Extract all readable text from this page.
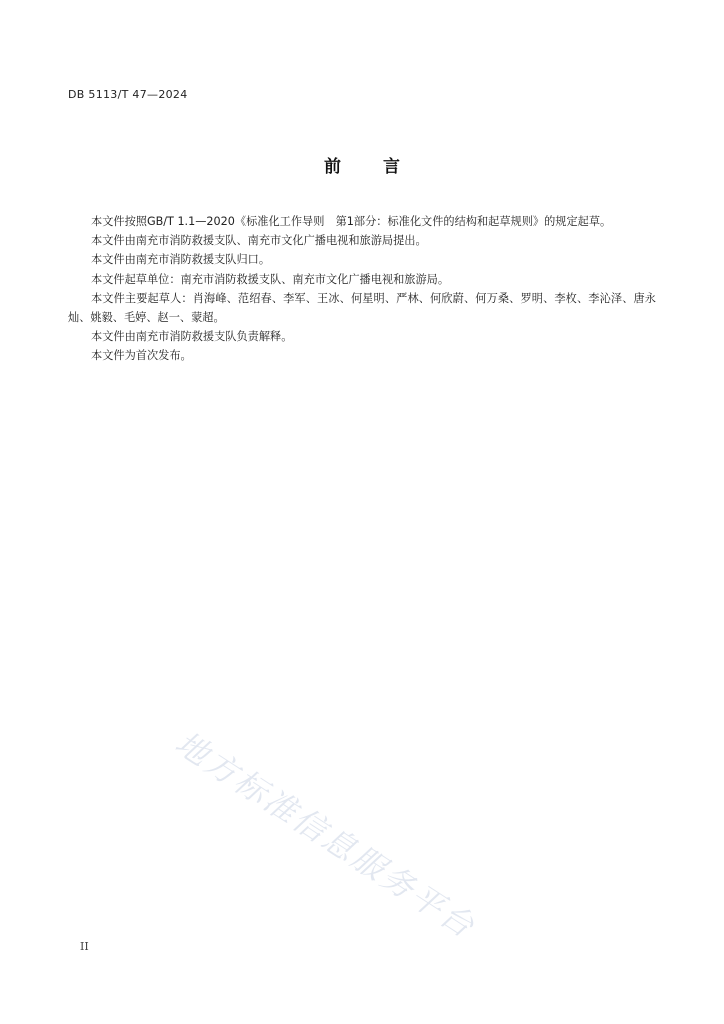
DB 5113/T 47—2024
前 言

本文件按照GB/T 1.1—2020《标准化工作导则　第1部分：标准化文件的结构和起草规则》的规定起草。

本文件由南充市消防救援支队、南充市文化广播电视和旅游局提出。

本文件由南充市消防救援支队归口。

本文件起草单位：南充市消防救援支队、南充市文化广播电视和旅游局。

本文件主要起草人：肖海峰、范绍春、李军、王冰、何星明、严林、何欣蔚、何万桑、罗明、李枚、李沁泽、唐永灿、姚毅、毛婷、赵一、蒙超。

本文件由南充市消防救援支队负责解释。

本文件为首次发布。

地方标准信息服务平台
II
